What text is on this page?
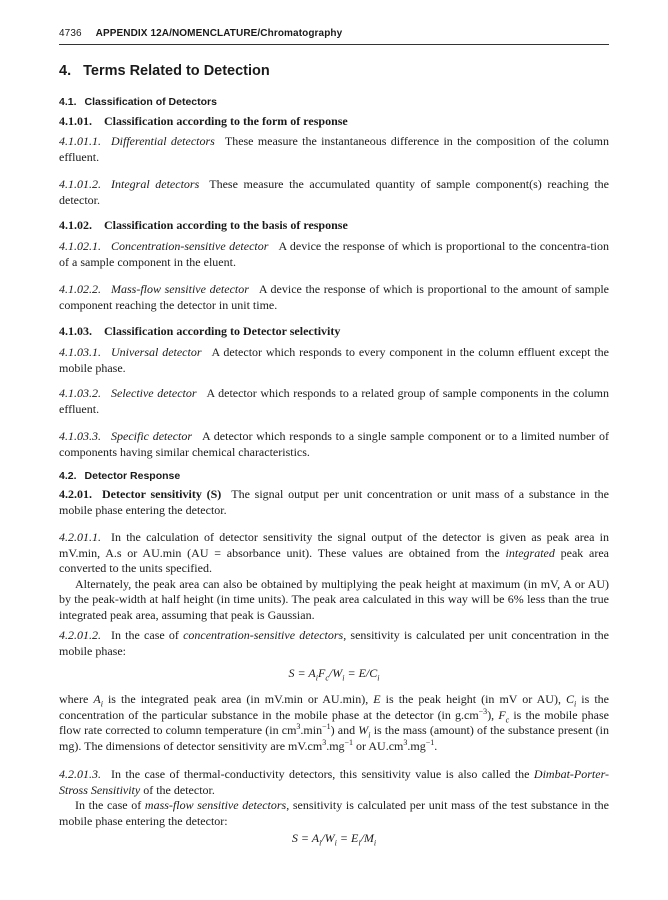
4736 APPENDIX 12A/NOMENCLATURE/Chromatography
4. Terms Related to Detection
4.1. Classification of Detectors
4.1.01. Classification according to the form of response
4.1.01.1. Differential detectors These measure the instantaneous difference in the composition of the column effluent.
4.1.01.2. Integral detectors These measure the accumulated quantity of sample component(s) reaching the detector.
4.1.02. Classification according to the basis of response
4.1.02.1. Concentration-sensitive detector A device the response of which is proportional to the concentra-tion of a sample component in the eluent.
4.1.02.2. Mass-flow sensitive detector A device the response of which is proportional to the amount of sample component reaching the detector in unit time.
4.1.03. Classification according to Detector selectivity
4.1.03.1. Universal detector A detector which responds to every component in the column effluent except the mobile phase.
4.1.03.2. Selective detector A detector which responds to a related group of sample components in the column effluent.
4.1.03.3. Specific detector A detector which responds to a single sample component or to a limited number of components having similar chemical characteristics.
4.2. Detector Response
4.2.01. Detector sensitivity (S) The signal output per unit concentration or unit mass of a substance in the mobile phase entering the detector.
4.2.01.1. In the calculation of detector sensitivity the signal output of the detector is given as peak area in mV.min, A.s or AU.min (AU = absorbance unit). These values are obtained from the integrated peak area converted to the units specified.
Alternately, the peak area can also be obtained by multiplying the peak height at maximum (in mV, A or AU) by the peak-width at half height (in time units). The peak area calculated in this way will be 6% less than the true integrated peak area, assuming that peak is Gaussian.
4.2.01.2. In the case of concentration-sensitive detectors, sensitivity is calculated per unit concentration in the mobile phase:
$S = A_iF_c/W_i = E/C_i$
where $A_i$ is the integrated peak area (in mV.min or AU.min), E is the peak height (in mV or AU), $C_i$ is the concentration of the particular substance in the mobile phase at the detector (in $g.cm^{-3}$), $F_c$ is the mobile phase flow rate corrected to column temperature (in $cm^3.\min^{-1}$) and $W_i$ is the mass (amount) of the substance present (in mg). The dimensions of detector sensitivity are $mV.cm^3.mg^{-1}$ or $AU.cm^3.mg^{-1}$.
4.2.01.3. In the case of thermal-conductivity detectors, this sensitivity value is also called the Dimbat-Porter-Stross Sensitivity of the detector.
In the case of mass-flow sensitive detectors, sensitivity is calculated per unit mass of the test substance in the mobile phase entering the detector:
$S = A_i/W_i = E_i/M_i$
